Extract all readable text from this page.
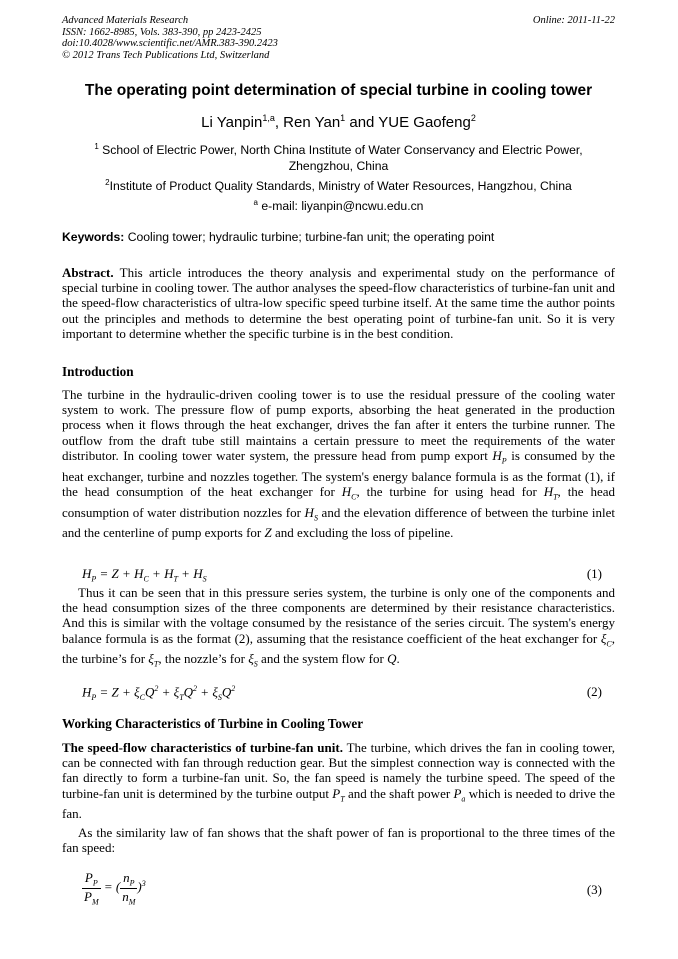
Advanced Materials Research
ISSN: 1662-8985, Vols. 383-390, pp 2423-2425
doi:10.4028/www.scientific.net/AMR.383-390.2423
© 2012 Trans Tech Publications Ltd, Switzerland
Online: 2011-11-22
The operating point determination of special turbine in cooling tower
Li Yanpin$^{1,a}$, Ren Yan$^1$ and YUE Gaofeng$^2$
$^1$ School of Electric Power, North China Institute of Water Conservancy and Electric Power, Zhengzhou, China
$^2$Institute of Product Quality Standards, Ministry of Water Resources, Hangzhou, China
$^a$ e-mail: liyanpin@ncwu.edu.cn
Keywords: Cooling tower; hydraulic turbine; turbine-fan unit; the operating point
Abstract. This article introduces the theory analysis and experimental study on the performance of special turbine in cooling tower. The author analyses the speed-flow characteristics of turbine-fan unit and the speed-flow characteristics of ultra-low specific speed turbine itself. At the same time the author points out the principles and methods to determine the best operating point of turbine-fan unit. So it is very important to determine whether the specific turbine is in the best condition.
Introduction
The turbine in the hydraulic-driven cooling tower is to use the residual pressure of the cooling water system to work. The pressure flow of pump exports, absorbing the heat generated in the production process when it flows through the heat exchanger, drives the fan after it enters the turbine runner. The outflow from the draft tube still maintains a certain pressure to meet the requirements of the water distributor. In cooling tower water system, the pressure head from pump export $H_P$ is consumed by the heat exchanger, turbine and nozzles together. The system's energy balance formula is as the format (1), if the head consumption of the heat exchanger for $H_C$, the turbine for using head for $H_T$, the head consumption of water distribution nozzles for $H_S$ and the elevation difference of between the turbine inlet and the centerline of pump exports for Z and excluding the loss of pipeline.
$H_P = Z + H_C + H_T + H_S$	(1)
Thus it can be seen that in this pressure series system, the turbine is only one of the components and the head consumption sizes of the three components are determined by their resistance characteristics. And this is similar with the voltage consumed by the resistance of the series circuit. The system's energy balance formula is as the format (2), assuming that the resistance coefficient of the heat exchanger for $\xi_C$, the turbine’s for $\xi_T$, the nozzle’s for $\xi_S$ and the system flow for Q.
$H_P = Z + \xi_CQ^2 + \xi_TQ^2 + \xi_SQ^2$	(2)
Working Characteristics of Turbine in Cooling Tower
The speed-flow characteristics of turbine-fan unit. The turbine, which drives the fan in cooling tower, can be connected with fan through reduction gear. But the simplest connection way is connected with the fan directly to form a turbine-fan unit. So, the fan speed is namely the turbine speed. The speed of the turbine-fan unit is determined by the turbine output $P_T$ and the shaft power $P_a$ which is needed to drive the fan.
As the similarity law of fan shows that the shaft power of fan is proportional to the three times of the fan speed:
$\frac{P_P}{P_M}$ = ( $\frac{n_P}{n_M} )^3$	(3)
